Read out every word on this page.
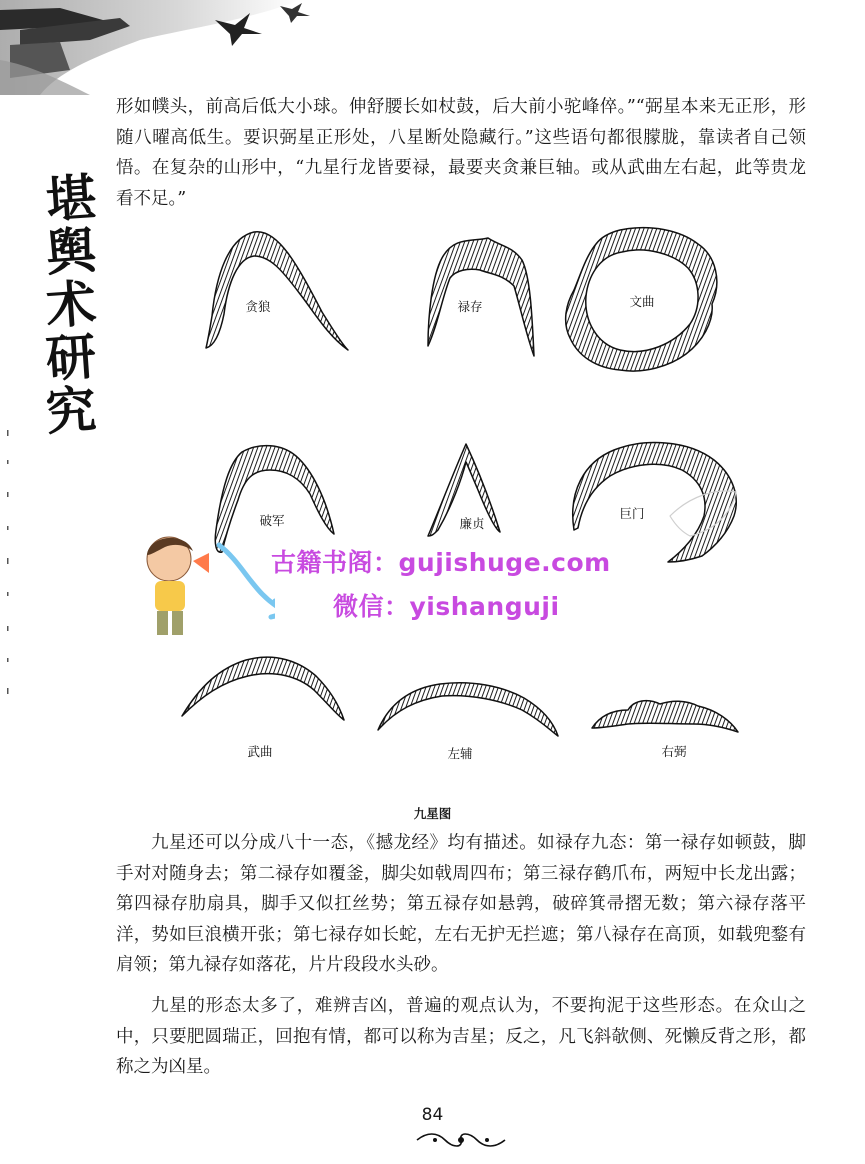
堪
舆
术
研
究

形如幞头，前高后低大小球。伸舒腰长如杖鼓，后大前小驼峰倅。”“弼星本来无正形，形随八曜高低生。要识弼星正形处，八星断处隐藏行。”这些语句都很朦胧，靠读者自己领悟。在复杂的山形中，“九星行龙皆要禄，最要夹贪兼巨轴。或从武曲左右起，此等贵龙看不足。”

贪狼	禄存	文曲
破军	廉贞
巨门
武曲	左辅	右弼
古籍书阁：gujishuge.com
微信：yishanguji
九星图

九星还可以分成八十一态，《撼龙经》均有描述。如禄存九态：第一禄存如顿鼓，脚手对对随身去；第二禄存如覆釜，脚尖如戟周四布；第三禄存鹤爪布，两短中长龙出露；第四禄存肋扇具，脚手又似扛丝势；第五禄存如悬鹑，破碎箕帚摺无数；第六禄存落平洋，势如巨浪横开张；第七禄存如长蛇，左右无护无拦遮；第八禄存在高顶，如载兜鍪有肩领；第九禄存如落花，片片段段水头砂。

九星的形态太多了，难辨吉凶，普遍的观点认为，不要拘泥于这些形态。在众山之中，只要肥圆瑞正，回抱有情，都可以称为吉星；反之，凡飞斜欹侧、死懒反背之形，都称之为凶星。

84
